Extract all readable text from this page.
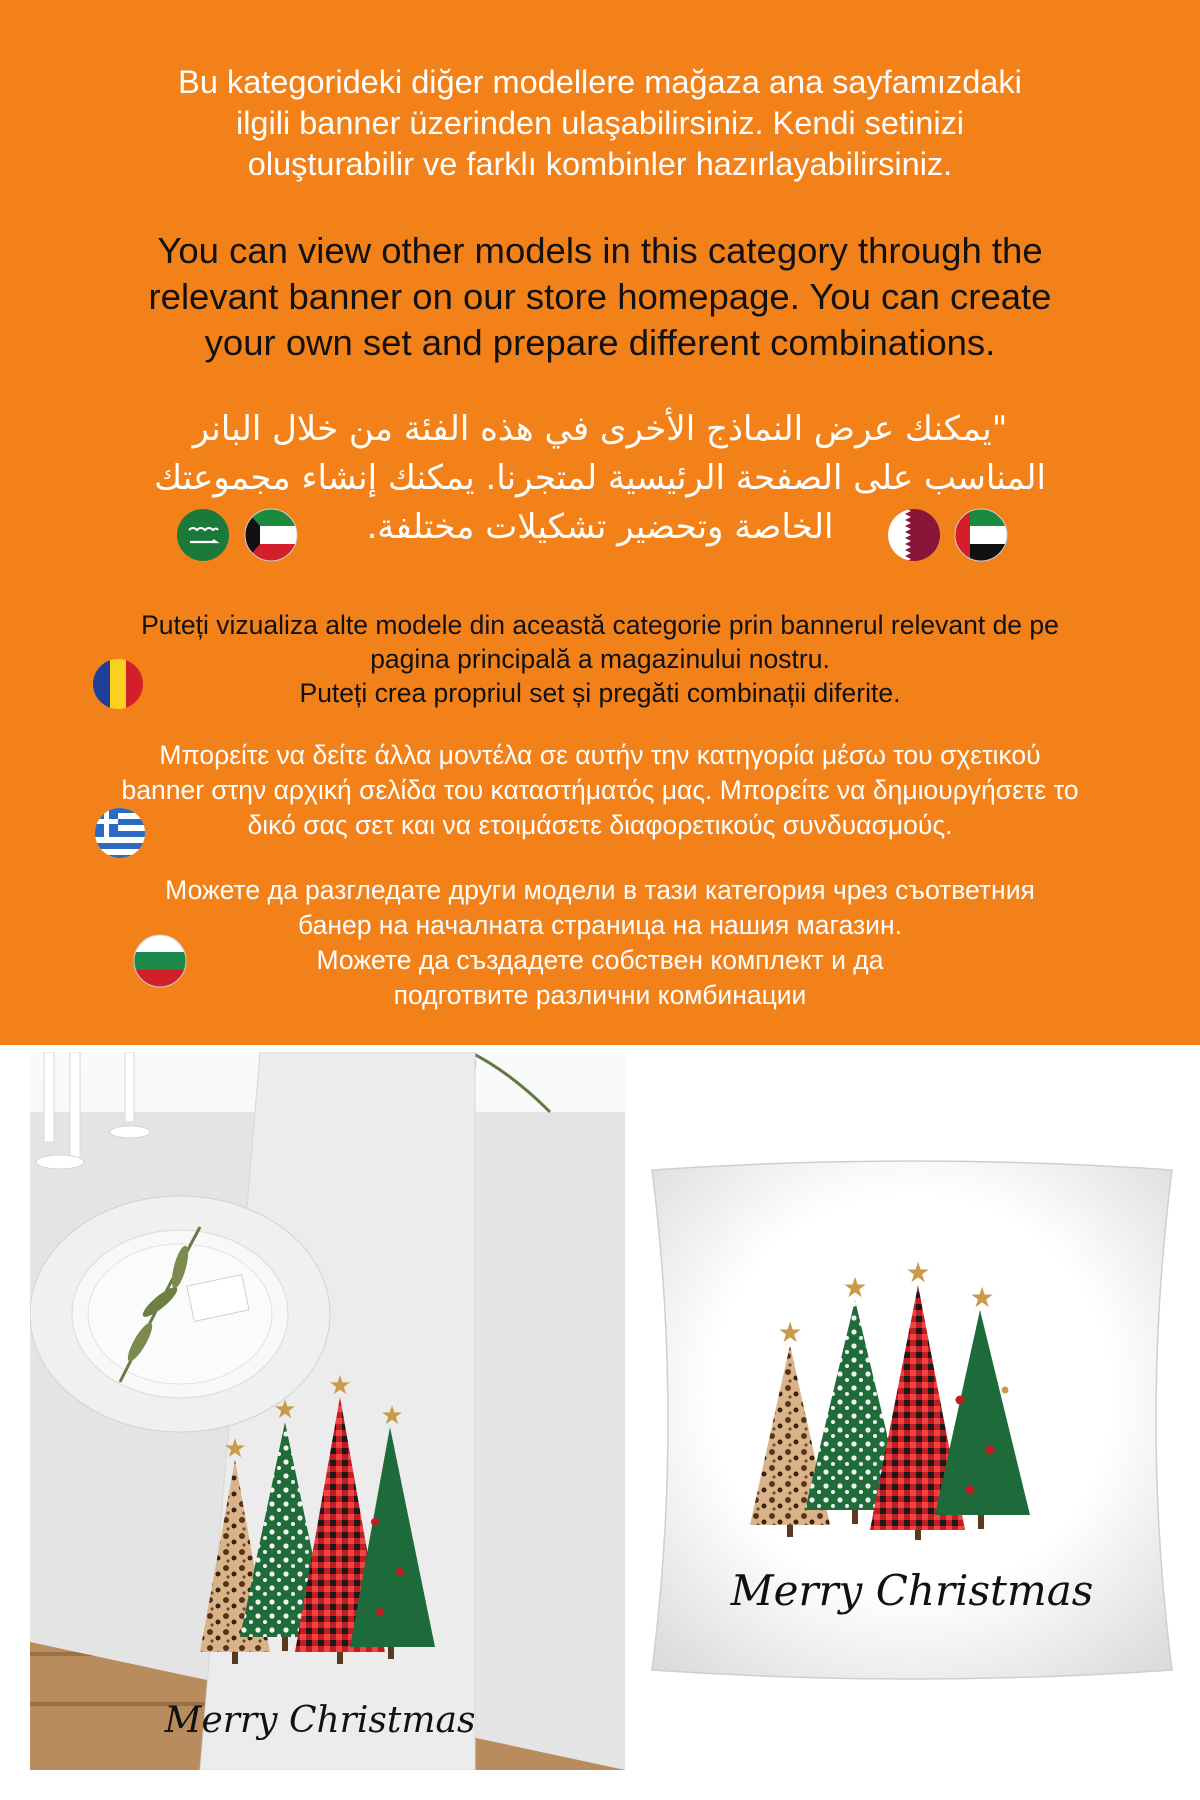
Bu kategorideki diğer modellere mağaza ana sayfamızdaki
ilgili banner üzerinden ulaşabilirsiniz. Kendi setinizi
oluşturabilir ve farklı kombinler hazırlayabilirsiniz.

You can view other models in this category through the
relevant banner on our store homepage. You can create
your own set and prepare different combinations.

"يمكنك عرض النماذج الأخرى في هذه الفئة من خلال البانر
المناسب على الصفحة الرئيسية لمتجرنا. يمكنك إنشاء مجموعتك
الخاصة وتحضير تشكيلات مختلفة.

Puteți vizualiza alte modele din această categorie prin bannerul relevant de pe
pagina principală a magazinului nostru.
Puteți crea propriul set și pregăti combinații diferite.

Μπορείτε να δείτε άλλα μοντέλα σε αυτήν την κατηγορία μέσω του σχετικού
banner στην αρχική σελίδα του καταστήματός μας. Μπορείτε να δημιουργήσετε το
δικό σας σετ και να ετοιμάσετε διαφορετικούς συνδυασμούς.

Можете да разгледате други модели в тази категория чрез съответния
банер на началната страница на нашия магазин.
Можете да създадете собствен комплект и да
подготвите различни комбинации

★
★
★
★
Merry Christmas
★
★ ★
★
Merry Christmas
